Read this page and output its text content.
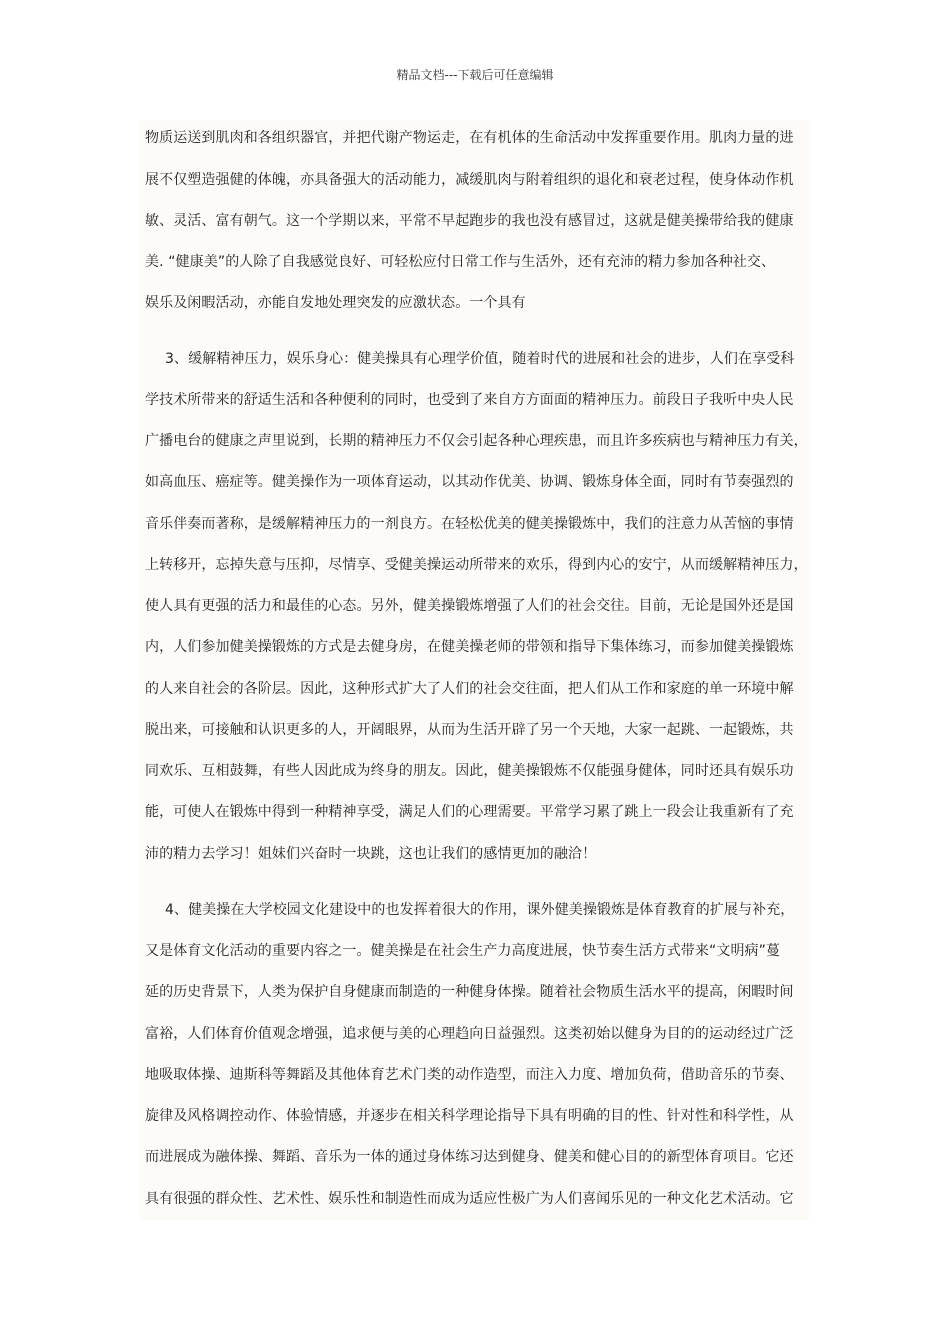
精品文档---下载后可任意编辑
物质运送到肌肉和各组织器官，并把代谢产物运走，在有机体的生命活动中发挥重要作用。肌肉力量的进
展不仅塑造强健的体魄，亦具备强大的活动能力，减缓肌肉与附着组织的退化和衰老过程，使身体动作机
敏、灵活、富有朝气。这一个学期以来，平常不早起跑步的我也没有感冒过，这就是健美操带给我的健康
美. “健康美”的人除了自我感觉良好、可轻松应付日常工作与生活外，还有充沛的精力参加各种社交、
娱乐及闲暇活动，亦能自发地处理突发的应激状态。一个具有
3、缓解精神压力，娱乐身心：健美操具有心理学价值，随着时代的进展和社会的进步，人们在享受科
学技术所带来的舒适生活和各种便利的同时，也受到了来自方方面面的精神压力。前段日子我听中央人民
广播电台的健康之声里说到，长期的精神压力不仅会引起各种心理疾患，而且许多疾病也与精神压力有关，
如高血压、癌症等。健美操作为一项体育运动，以其动作优美、协调、锻炼身体全面，同时有节奏强烈的
音乐伴奏而著称，是缓解精神压力的一剂良方。在轻松优美的健美操锻炼中，我们的注意力从苦恼的事情
上转移开，忘掉失意与压抑，尽情享、受健美操运动所带来的欢乐，得到内心的安宁，从而缓解精神压力，
使人具有更强的活力和最佳的心态。另外，健美操锻炼增强了人们的社会交往。目前，无论是国外还是国
内，人们参加健美操锻炼的方式是去健身房，在健美操老师的带领和指导下集体练习，而参加健美操锻炼
的人来自社会的各阶层。因此，这种形式扩大了人们的社会交往面，把人们从工作和家庭的单一环境中解
脱出来，可接触和认识更多的人，开阔眼界，从而为生活开辟了另一个天地，大家一起跳、一起锻炼，共
同欢乐、互相鼓舞，有些人因此成为终身的朋友。因此，健美操锻炼不仅能强身健体，同时还具有娱乐功
能，可使人在锻炼中得到一种精神享受，满足人们的心理需要。平常学习累了跳上一段会让我重新有了充
沛的精力去学习！姐妹们兴奋时一块跳，这也让我们的感情更加的融洽！
4、健美操在大学校园文化建设中的也发挥着很大的作用，课外健美操锻炼是体育教育的扩展与补充，
又是体育文化活动的重要内容之一。健美操是在社会生产力高度进展，快节奏生活方式带来“文明病”蔓
延的历史背景下，人类为保护自身健康而制造的一种健身体操。随着社会物质生活水平的提高，闲暇时间
富裕，人们体育价值观念增强，追求便与美的心理趋向日益强烈。这类初始以健身为目的的运动经过广泛
地吸取体操、迪斯科等舞蹈及其他体育艺术门类的动作造型，而注入力度、增加负荷，借助音乐的节奏、
旋律及风格调控动作、体验情感，并逐步在相关科学理论指导下具有明确的目的性、针对性和科学性，从
而进展成为融体操、舞蹈、音乐为一体的通过身体练习达到健身、健美和健心目的的新型体育项目。它还
具有很强的群众性、艺术性、娱乐性和制造性而成为适应性极广为人们喜闻乐见的一种文化艺术活动。它
